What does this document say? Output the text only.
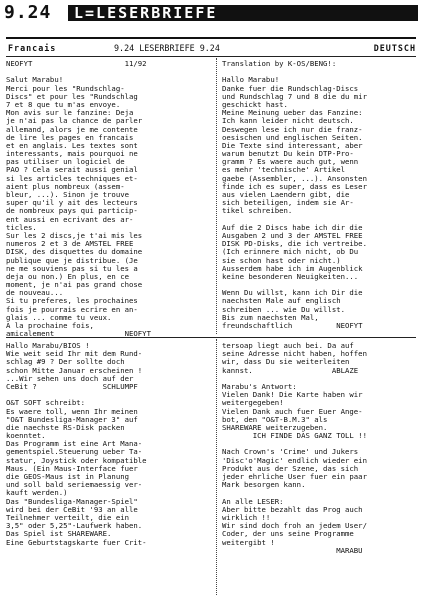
9.24 L=LESERBRIEFE
Francais	9.24 LESERBRIEFE 9.24	DEUTSCH
NEOFYT                     11/92
Salut Marabu!
Merci pour les "Rundschlag-
Discs" et pour les "Rundschlag
7 et 8 que tu m'as envoye.
Mon avis sur le fanzine: Deja
je n'ai pas la chance de parler
allemand, alors je me contente
de lire les pages en francais
et en anglais. Les textes sont
interessants, mais pourquoi ne
pas utiliser un logiciel de
PAO ? Cela serait aussi genial
si les articles techniques et-
aient plus nombreux (assem-
bleur, ...). Sinon je trouve
super qu'il y ait des lecteurs
de nombreux pays qui particip-
ent aussi en ecrivant des ar-
ticles.
Sur les 2 discs,je t'ai mis les
numeros 2 et 3 de AMSTEL FREE
DISK, des disquettes du domaine
publique que je distribue. (Je
ne me souviens pas si tu les a
deja ou non.) En plus, en ce
moment, je n'ai pas grand chose
de nouveau...
Si tu preferes, les prochaines
fois je pourrais ecrire en an-
glais ... comme tu veux.
A la prochaine fois,
amicalement                NEOFYT
Translation by K-OS/BENG!:
Hallo Marabu!
Danke fuer die Rundschlag-Discs
und Rundschlag 7 und 8 die du mir
geschickt hast.
Meine Meinung ueber das Fanzine:
Ich kann leider nicht deutsch.
Deswegen lese ich nur die franz-
oesischen und englischen Seiten.
Die Texte sind interessant, aber
warum benutzt Du kein DTP-Pro-
gramm ? Es waere auch gut, wenn
es mehr 'technische' Artikel
gaebe (Assembler, ...). Ansonsten
finde ich es super, dass es Leser
aus vielen Laendern gibt, die
sich beteiligen, indem sie Ar-
tikel schreiben.
Auf die 2 Discs habe ich dir die
Ausgaben 2 und 3 der AMSTEL FREE
DISK PD-Disks, die ich vertreibe.
(Ich erinnere mich nicht, ob Du
sie schon hast oder nicht.)
Ausserdem habe ich im Augenblick
keine besonderen Neuigkeiten...
Wenn Du willst, kann ich Dir die
naechsten Male auf englisch
schreiben ... wie Du willst.
Bis zum naechsten Mal,
freundschaftlich          NEOFYT
Hallo Marabu/BIOS !
Wie weit seid Ihr mit dem Rund-
schlag #9 ? Der sollte doch
schon Mitte Januar erscheinen !
...Wir sehen uns doch auf der
CeBit ?               SCHLUMPF
O&T SOFT schreibt:
Es waere toll, wenn Ihr meinen
"O&T Bundesliga-Manager 3" auf
die naechste RS-Disk packen
koenntet.
Das Programm ist eine Art Mana-
gementspiel.Steuerung ueber Ta-
statur, Joystick oder kompatible
Maus. (Ein Maus-Interface fuer
die GEOS-Maus ist in Planung
und soll bald seriemaessig ver-
kauft werden.)
Das "Bundesliga-Manager-Spiel"
wird bei der CeBit '93 an alle
Teilnehmer verteilt, die ein
3,5" oder 5,25"-Laufwerk haben.
Das Spiel ist SHAREWARE.
Eine Geburtstagskarte fuer Crit-
tersoap liegt auch bei. Da auf
seine Adresse nicht haben, hoffen
wir, dass Du sie weiterleiten
kannst.                  ABLAZE
Marabu's Antwort:
Vielen Dank! Die Karte haben wir
weitergegeben!
Vielen Dank auch fuer Euer Ange-
bot, den "O&T-B.M.3" als
SHAREWARE weiterzugeben.
ICH FINDE DAS GANZ TOLL !!
Nach Crown's 'Crime' und Jukers
'Disc'o'Magic' endlich wieder ein
Produkt aus der Szene, das sich
jeder ehrliche User fuer ein paar
Mark besorgen kann.
An alle LESER:
Aber bitte bezahlt das Prog auch
wirklich !!
Wir sind doch froh an jedem User/
Coder, der uns seine Programme
weitergibt !
MARABU
